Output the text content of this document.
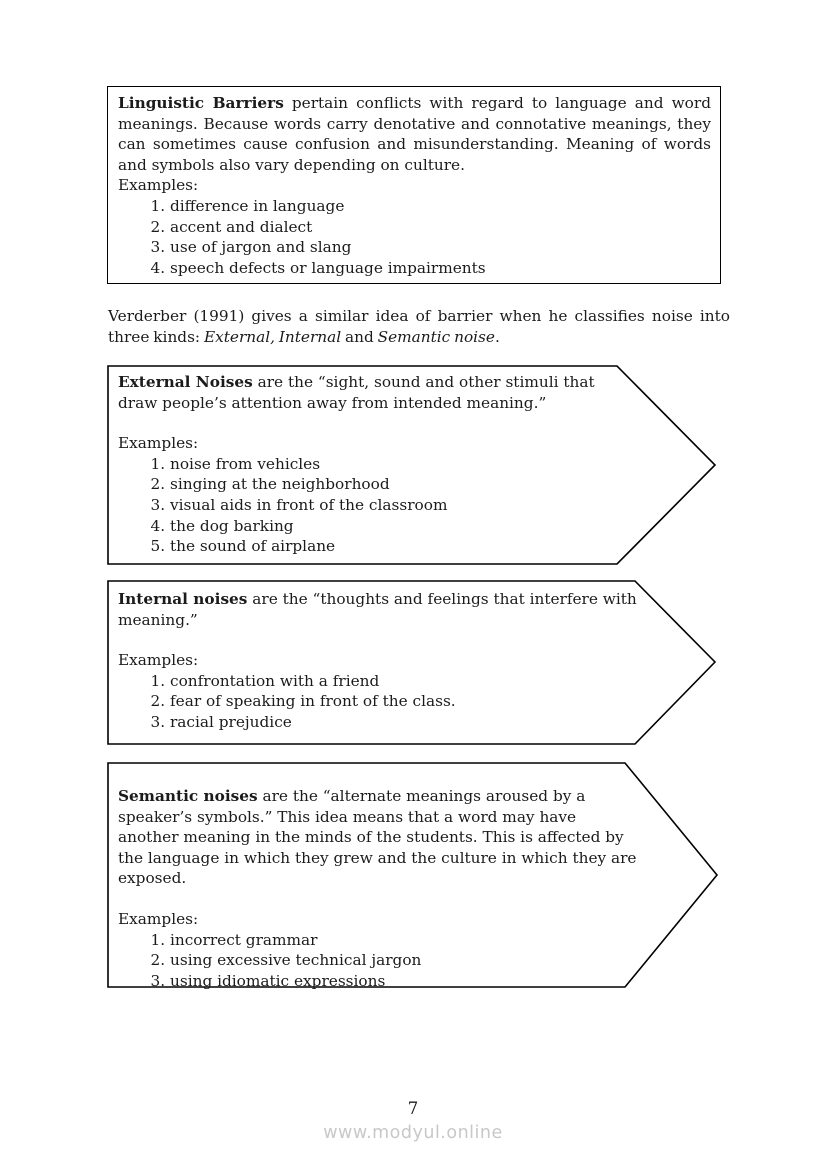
Linguistic Barriers pertain conflicts with regard to language and word meanings. Because words carry denotative and connotative meanings, they can sometimes cause confusion and misunderstanding. Meaning of words and symbols also vary depending on culture.

Examples:

1. difference in language
2. accent and dialect
3. use of jargon and slang
4. speech defects or language impairments

Verderber (1991) gives a similar idea of barrier when he classifies noise into three kinds: External, Internal and Semantic noise.

External Noises are the “sight, sound and other stimuli that draw people’s attention away from intended meaning.”

Examples:

1. noise from vehicles
2. singing at the neighborhood
3. visual aids in front of the classroom
4. the dog barking
5. the sound of airplane

Internal noises are the “thoughts and feelings that interfere with meaning.”

Examples:

1. confrontation with a friend
2. fear of speaking in front of the class.
3. racial prejudice

Semantic noises are the “alternate meanings aroused by a speaker’s symbols.” This idea means that a word may have another meaning in the minds of the students. This is affected by the language in which they grew and the culture in which they are exposed.

Examples:

1. incorrect grammar
2. using excessive technical jargon
3. using idiomatic expressions
7
www.modyul.online
